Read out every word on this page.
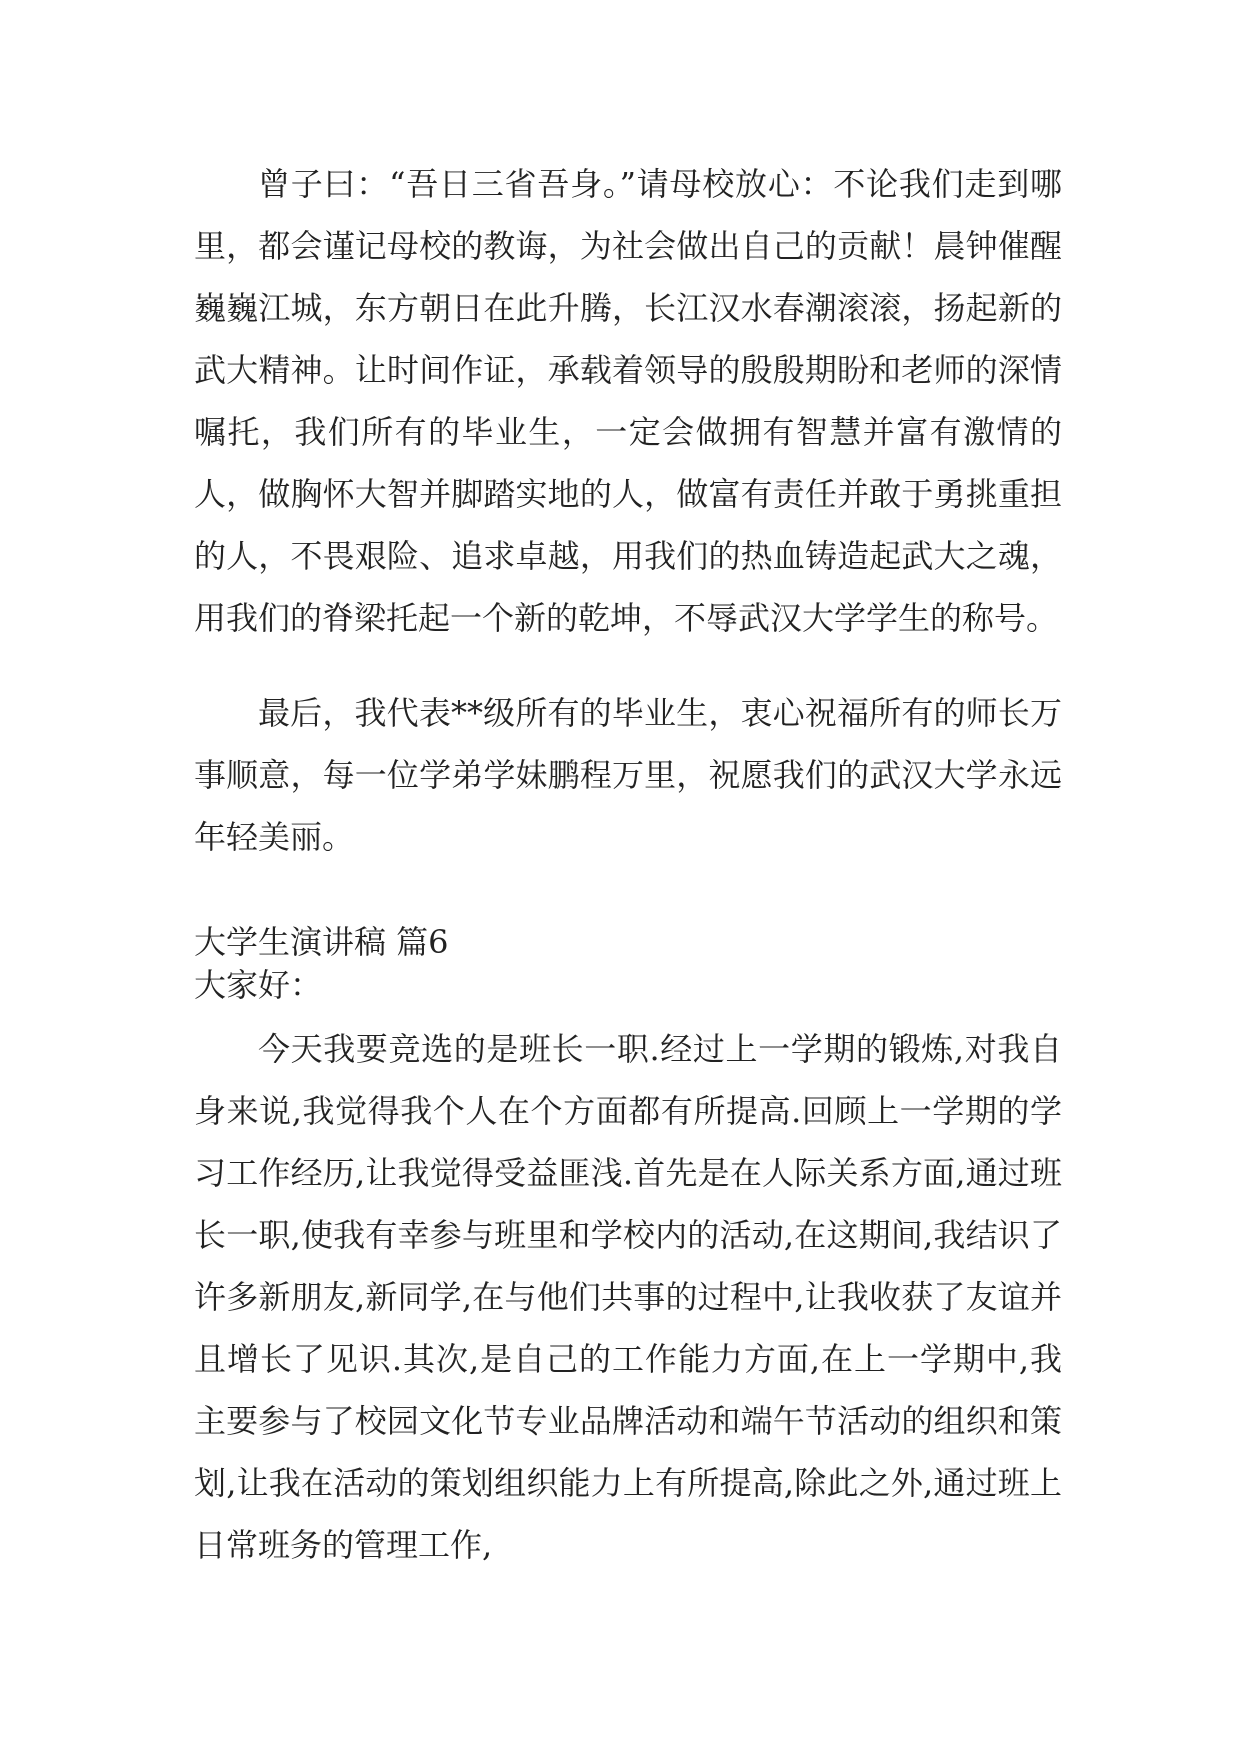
曾子曰：“吾日三省吾身。”请母校放心：不论我们走到哪里，都会谨记母校的教诲，为社会做出自己的贡献！晨钟催醒巍巍江城，东方朝日在此升腾，长江汉水春潮滚滚，扬起新的武大精神。让时间作证，承载着领导的殷殷期盼和老师的深情嘱托，我们所有的毕业生，一定会做拥有智慧并富有激情的人，做胸怀大智并脚踏实地的人，做富有责任并敢于勇挑重担的人，不畏艰险、追求卓越，用我们的热血铸造起武大之魂，用我们的脊梁托起一个新的乾坤，不辱武汉大学学生的称号。

最后，我代表**级所有的毕业生，衷心祝福所有的师长万事顺意，每一位学弟学妹鹏程万里，祝愿我们的武汉大学永远年轻美丽。

大学生演讲稿 篇6

大家好：

今天我要竞选的是班长一职.经过上一学期的锻炼,对我自身来说,我觉得我个人在个方面都有所提高.回顾上一学期的学习工作经历,让我觉得受益匪浅.首先是在人际关系方面,通过班长一职,使我有幸参与班里和学校内的活动,在这期间,我结识了许多新朋友,新同学,在与他们共事的过程中,让我收获了友谊并且增长了见识.其次,是自己的工作能力方面,在上一学期中,我主要参与了校园文化节专业品牌活动和端午节活动的组织和策划,让我在活动的策划组织能力上有所提高,除此之外,通过班上日常班务的管理工作,
